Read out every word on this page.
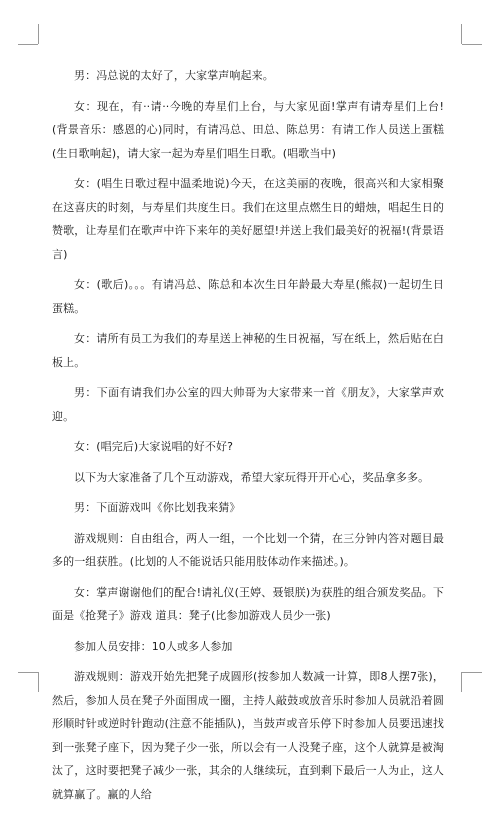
男：冯总说的太好了，大家掌声响起来。

女：现在，有··请··今晚的寿星们上台，与大家见面!掌声有请寿星们上台!(背景音乐：感恩的心)同时，有请冯总、田总、陈总男：有请工作人员送上蛋糕(生日歌响起)，请大家一起为寿星们唱生日歌。(唱歌当中)

女：(唱生日歌过程中温柔地说)今天，在这美丽的夜晚，很高兴和大家相聚在这喜庆的时刻，与寿星们共度生日。我们在这里点燃生日的蜡烛，唱起生日的赞歌，让寿星们在歌声中许下来年的美好愿望!并送上我们最美好的祝福!(背景语言)

女：(歌后)。。。有请冯总、陈总和本次生日年龄最大寿星(熊叔)一起切生日蛋糕。

女：请所有员工为我们的寿星送上神秘的生日祝福，写在纸上，然后贴在白板上。

男：下面有请我们办公室的四大帅哥为大家带来一首《朋友》，大家掌声欢迎。

女：(唱完后)大家说唱的好不好?

以下为大家准备了几个互动游戏，希望大家玩得开开心心，奖品拿多多。

男：下面游戏叫《你比划我来猜》

游戏规则：自由组合，两人一组，一个比划一个猜，在三分钟内答对题目最多的一组获胜。(比划的人不能说话只能用肢体动作来描述。)。

女：掌声谢谢他们的配合!请礼仪(王婷、聂银朕)为获胜的组合颁发奖品。下面是《抢凳子》游戏 道具：凳子(比参加游戏人员少一张)

参加人员安排：10人或多人参加

游戏规则：游戏开始先把凳子成圆形(按参加人数减一计算，即8人摆7张)，然后，参加人员在凳子外面围成一圈，主持人敲鼓或放音乐时参加人员就沿着圆形顺时针或逆时针跑动(注意不能插队)，当鼓声或音乐停下时参加人员要迅速找到一张凳子座下，因为凳子少一张，所以会有一人没凳子座，这个人就算是被淘汰了，这时要把凳子减少一张，其余的人继续玩，直到剩下最后一人为止，这人就算赢了。赢的人给
